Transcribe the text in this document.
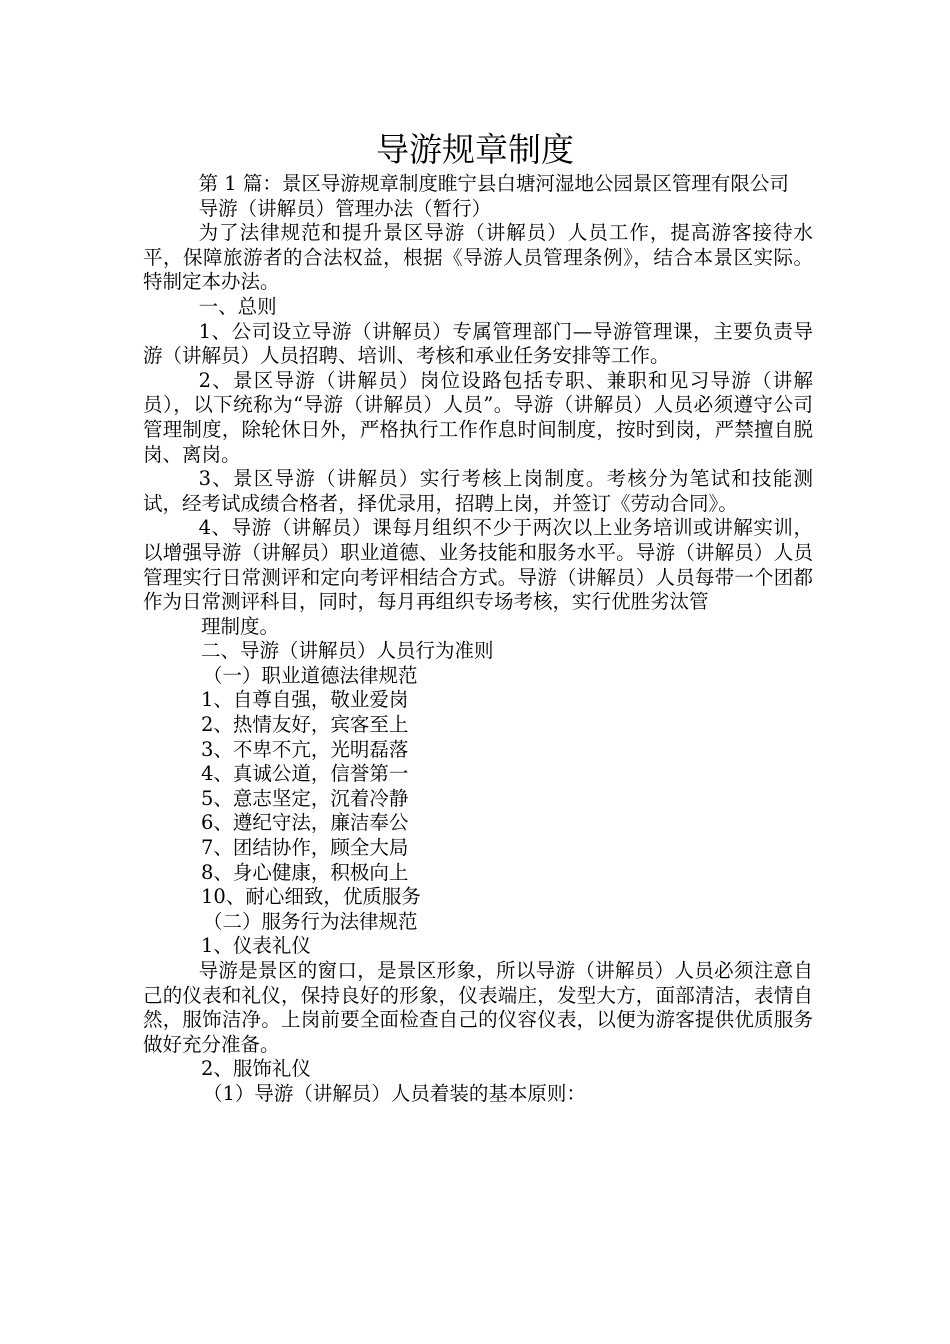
导游规章制度

第 1 篇：景区导游规章制度睢宁县白塘河湿地公园景区管理有限公司

导游（讲解员）管理办法（暂行）

为了法律规范和提升景区导游（讲解员）人员工作，提高游客接待水平，保障旅游者的合法权益，根据《导游人员管理条例》，结合本景区实际。特制定本办法。

一、总则

1、公司设立导游（讲解员）专属管理部门—导游管理课，主要负责导游（讲解员）人员招聘、培训、考核和承业任务安排等工作。

2、景区导游（讲解员）岗位设路包括专职、兼职和见习导游（讲解员），以下统称为“导游（讲解员）人员”。导游（讲解员）人员必须遵守公司管理制度，除轮休日外，严格执行工作作息时间制度，按时到岗，严禁擅自脱岗、离岗。

3、景区导游（讲解员）实行考核上岗制度。考核分为笔试和技能测试，经考试成绩合格者，择优录用，招聘上岗，并签订《劳动合同》。

4、导游（讲解员）课每月组织不少于两次以上业务培训或讲解实训，以增强导游（讲解员）职业道德、业务技能和服务水平。导游（讲解员）人员管理实行日常测评和定向考评相结合方式。导游（讲解员）人员每带一个团都作为日常测评科目，同时，每月再组织专场考核，实行优胜劣汰管

理制度。

二、导游（讲解员）人员行为准则

（一）职业道德法律规范

1、自尊自强，敬业爱岗

2、热情友好，宾客至上

3、不卑不亢，光明磊落

4、真诚公道，信誉第一

5、意志坚定，沉着冷静

6、遵纪守法，廉洁奉公

7、团结协作，顾全大局

8、身心健康，积极向上

10、耐心细致，优质服务

（二）服务行为法律规范

1、仪表礼仪

导游是景区的窗口，是景区形象，所以导游（讲解员）人员必须注意自己的仪表和礼仪，保持良好的形象，仪表端庄，发型大方，面部清洁，表情自然，服饰洁净。上岗前要全面检查自己的仪容仪表，以便为游客提供优质服务做好充分准备。

2、服饰礼仪

（1）导游（讲解员）人员着装的基本原则：
